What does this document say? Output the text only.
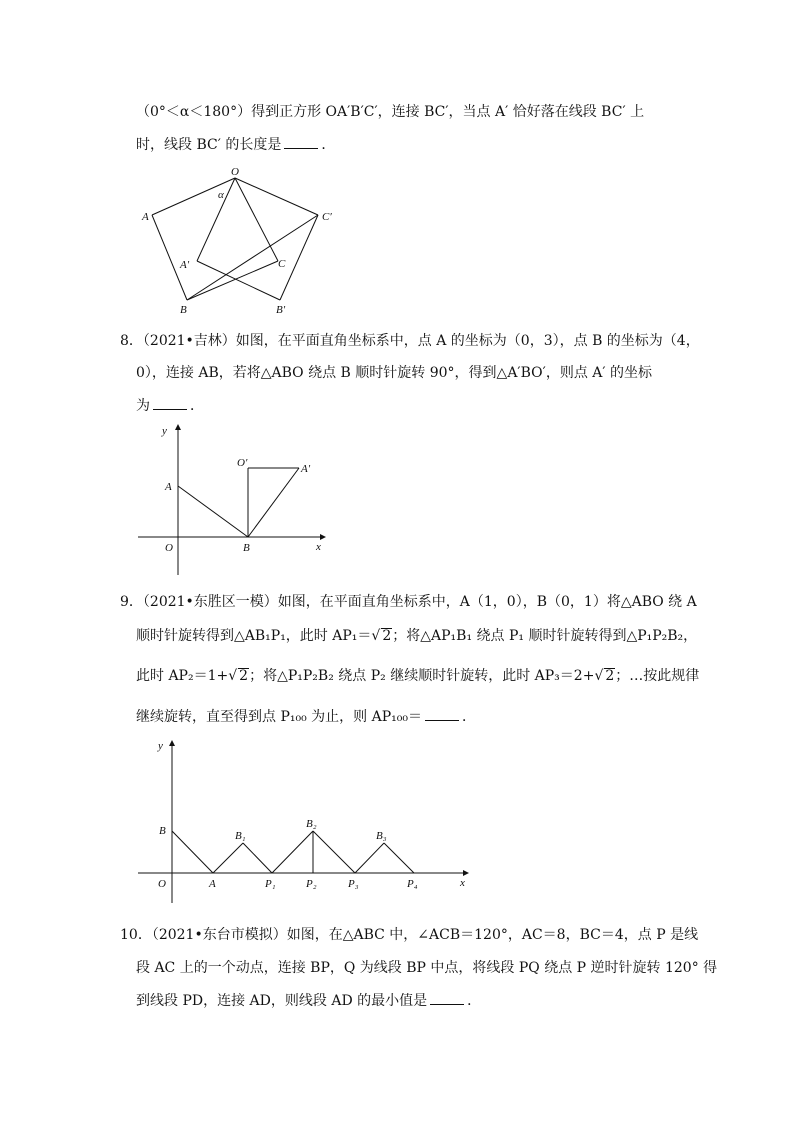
（0°＜α＜180°）得到正方形 OA′B′C′，连接 BC′，当点 A′ 恰好落在线段 BC′ 上
时，线段 BC′ 的长度是	．
O
A
α
C′
A′	C
B	B′
8．（2021•吉林）如图，在平面直角坐标系中，点 A 的坐标为（0，3），点 B 的坐标为（4，
0），连接 AB，若将△ABO 绕点 B 顺时针旋转 90°，得到△A′BO′，则点 A′ 的坐标
为	．
y
x
O
A
B
O′	A′
9．（2021•东胜区一模）如图，在平面直角坐标系中，A（1，0），B（0，1）将△ABO 绕 A
顺时针旋转得到△AB₁P₁，此时 AP₁＝√ 2；将△AP₁B₁ 绕点 P₁ 顺时针旋转得到△P₁P₂B₂，
此时 AP₂＝1+√ 2；将△P₁P₂B₂ 绕点 P₂ 继续顺时针旋转，此时 AP₃＝2+√ 2；…按此规律
继续旋转，直至得到点 P₁₀₀ 为止，则 AP₁₀₀＝	．
y
x
O
B
A
B₁
P₁
B₂
P₂	P₃
B₃
P₄
10．（2021•东台市模拟）如图，在△ABC 中，∠ACB＝120°，AC＝8，BC＝4，点 P 是线
段 AC 上的一个动点，连接 BP，Q 为线段 BP 中点，将线段 PQ 绕点 P 逆时针旋转 120° 得
到线段 PD，连接 AD，则线段 AD 的最小值是	．
